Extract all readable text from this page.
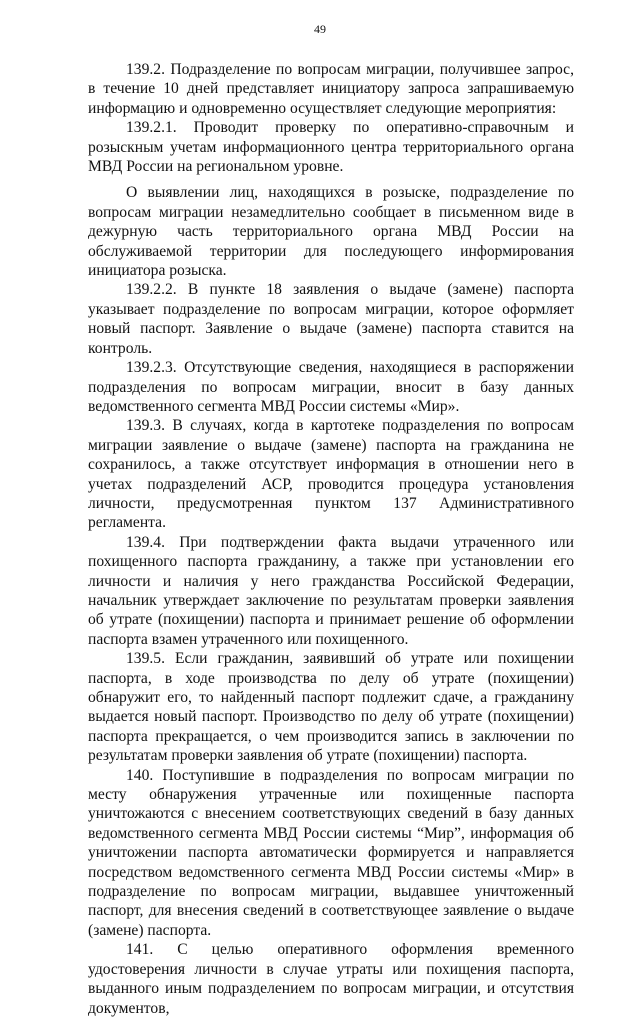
49

139.2. Подразделение по вопросам миграции, получившее запрос, в течение 10 дней представляет инициатору запроса запрашиваемую информацию и одновременно осуществляет следующие мероприятия:

139.2.1. Проводит проверку по оперативно-справочным и розыскным учетам информационного центра территориального органа МВД России на региональном уровне.

О выявлении лиц, находящихся в розыске, подразделение по вопросам миграции незамедлительно сообщает в письменном виде в дежурную часть территориального органа МВД России на обслуживаемой территории для последующего информирования инициатора розыска.

139.2.2. В пункте 18 заявления о выдаче (замене) паспорта указывает подразделение по вопросам миграции, которое оформляет новый паспорт. Заявление о выдаче (замене) паспорта ставится на контроль.

139.2.3. Отсутствующие сведения, находящиеся в распоряжении подразделения по вопросам миграции, вносит в базу данных ведомственного сегмента МВД России системы «Мир».

139.3. В случаях, когда в картотеке подразделения по вопросам миграции заявление о выдаче (замене) паспорта на гражданина не сохранилось, а также отсутствует информация в отношении него в учетах подразделений АСР, проводится процедура установления личности, предусмотренная пунктом 137 Административного регламента.

139.4. При подтверждении факта выдачи утраченного или похищенного паспорта гражданину, а также при установлении его личности и наличия у него гражданства Российской Федерации, начальник утверждает заключение по результатам проверки заявления об утрате (похищении) паспорта и принимает решение об оформлении паспорта взамен утраченного или похищенного.

139.5. Если гражданин, заявивший об утрате или похищении паспорта, в ходе производства по делу об утрате (похищении) обнаружит его, то найденный паспорт подлежит сдаче, а гражданину выдается новый паспорт. Производство по делу об утрате (похищении) паспорта прекращается, о чем производится запись в заключении по результатам проверки заявления об утрате (похищении) паспорта.

140. Поступившие в подразделения по вопросам миграции по месту обнаружения утраченные или похищенные паспорта уничтожаются с внесением соответствующих сведений в базу данных ведомственного сегмента МВД России системы “Мир”, информация об уничтожении паспорта автоматически формируется и направляется посредством ведомственного сегмента МВД России системы «Мир» в подразделение по вопросам миграции, выдавшее уничтоженный паспорт, для внесения сведений в соответствующее заявление о выдаче (замене) паспорта.

141. С целью оперативного оформления временного удостоверения личности в случае утраты или похищения паспорта, выданного иным подразделением по вопросам миграции, и отсутствия документов,
